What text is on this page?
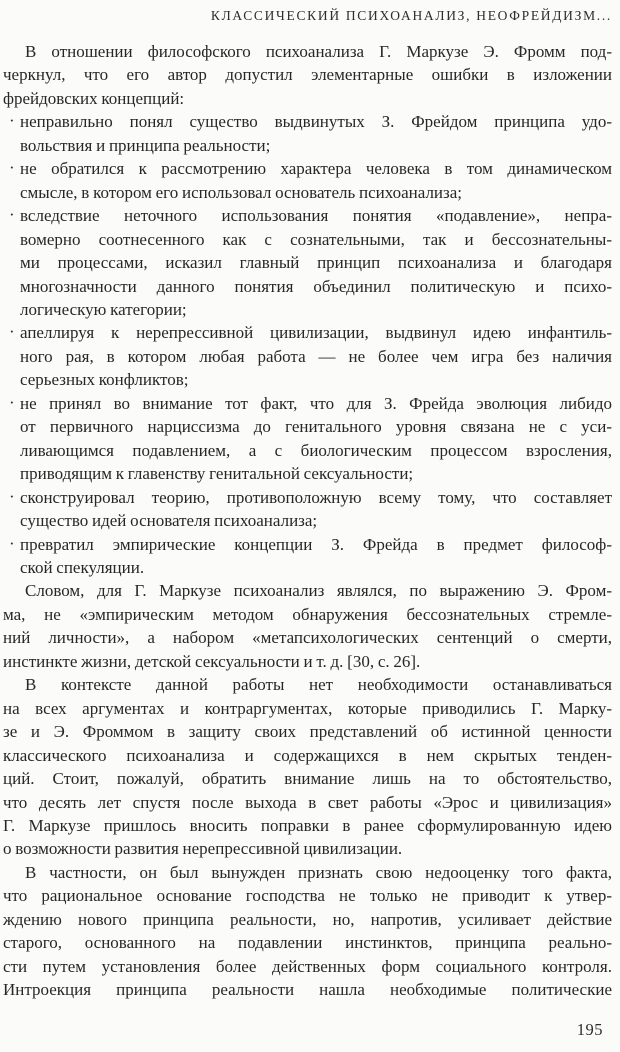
КЛАССИЧЕСКИЙ ПСИХОАНАЛИЗ, НЕОФРЕЙДИЗМ...
В отношении философского психоанализа Г. Маркузе Э. Фромм под-
черкнул, что его автор допустил элементарные ошибки в изложении
фрейдовских концепций:
· неправильно понял существо выдвинутых З. Фрейдом принципа удо-
вольствия и принципа реальности;
· не обратился к рассмотрению характера человека в том динамическом
смысле, в котором его использовал основатель психоанализа;
· вследствие неточного использования понятия «подавление», непра-
вомерно соотнесенного как с сознательными, так и бессознательны-
ми процессами, исказил главный принцип психоанализа и благодаря
многозначности данного понятия объединил политическую и психо-
логическую категории;
· апеллируя к нерепрессивной цивилизации, выдвинул идею инфантиль-
ного рая, в котором любая работа — не более чем игра без наличия
серьезных конфликтов;
· не принял во внимание тот факт, что для З. Фрейда эволюция либидо
от первичного нарциссизма до генитального уровня связана не с уси-
ливающимся подавлением, а с биологическим процессом взросления,
приводящим к главенству генитальной сексуальности;
· сконструировал теорию, противоположную всему тому, что составляет
существо идей основателя психоанализа;
· превратил эмпирические концепции З. Фрейда в предмет философ-
ской спекуляции.
Словом, для Г. Маркузе психоанализ являлся, по выражению Э. Фром-
ма, не «эмпирическим методом обнаружения бессознательных стремле-
ний личности», а набором «метапсихологических сентенций о смерти,
инстинкте жизни, детской сексуальности и т. д. [30, с. 26].
В контексте данной работы нет необходимости останавливаться
на всех аргументах и контраргументах, которые приводились Г. Марку-
зе и Э. Фроммом в защиту своих представлений об истинной ценности
классического психоанализа и содержащихся в нем скрытых тенден-
ций. Стоит, пожалуй, обратить внимание лишь на то обстоятельство,
что десять лет спустя после выхода в свет работы «Эрос и цивилизация»
Г. Маркузе пришлось вносить поправки в ранее сформулированную идею
о возможности развития нерепрессивной цивилизации.
В частности, он был вынужден признать свою недооценку того факта,
что рациональное основание господства не только не приводит к утвер-
ждению нового принципа реальности, но, напротив, усиливает действие
старого, основанного на подавлении инстинктов, принципа реально-
сти путем установления более действенных форм социального контроля.
Интроекция принципа реальности нашла необходимые политические
195
